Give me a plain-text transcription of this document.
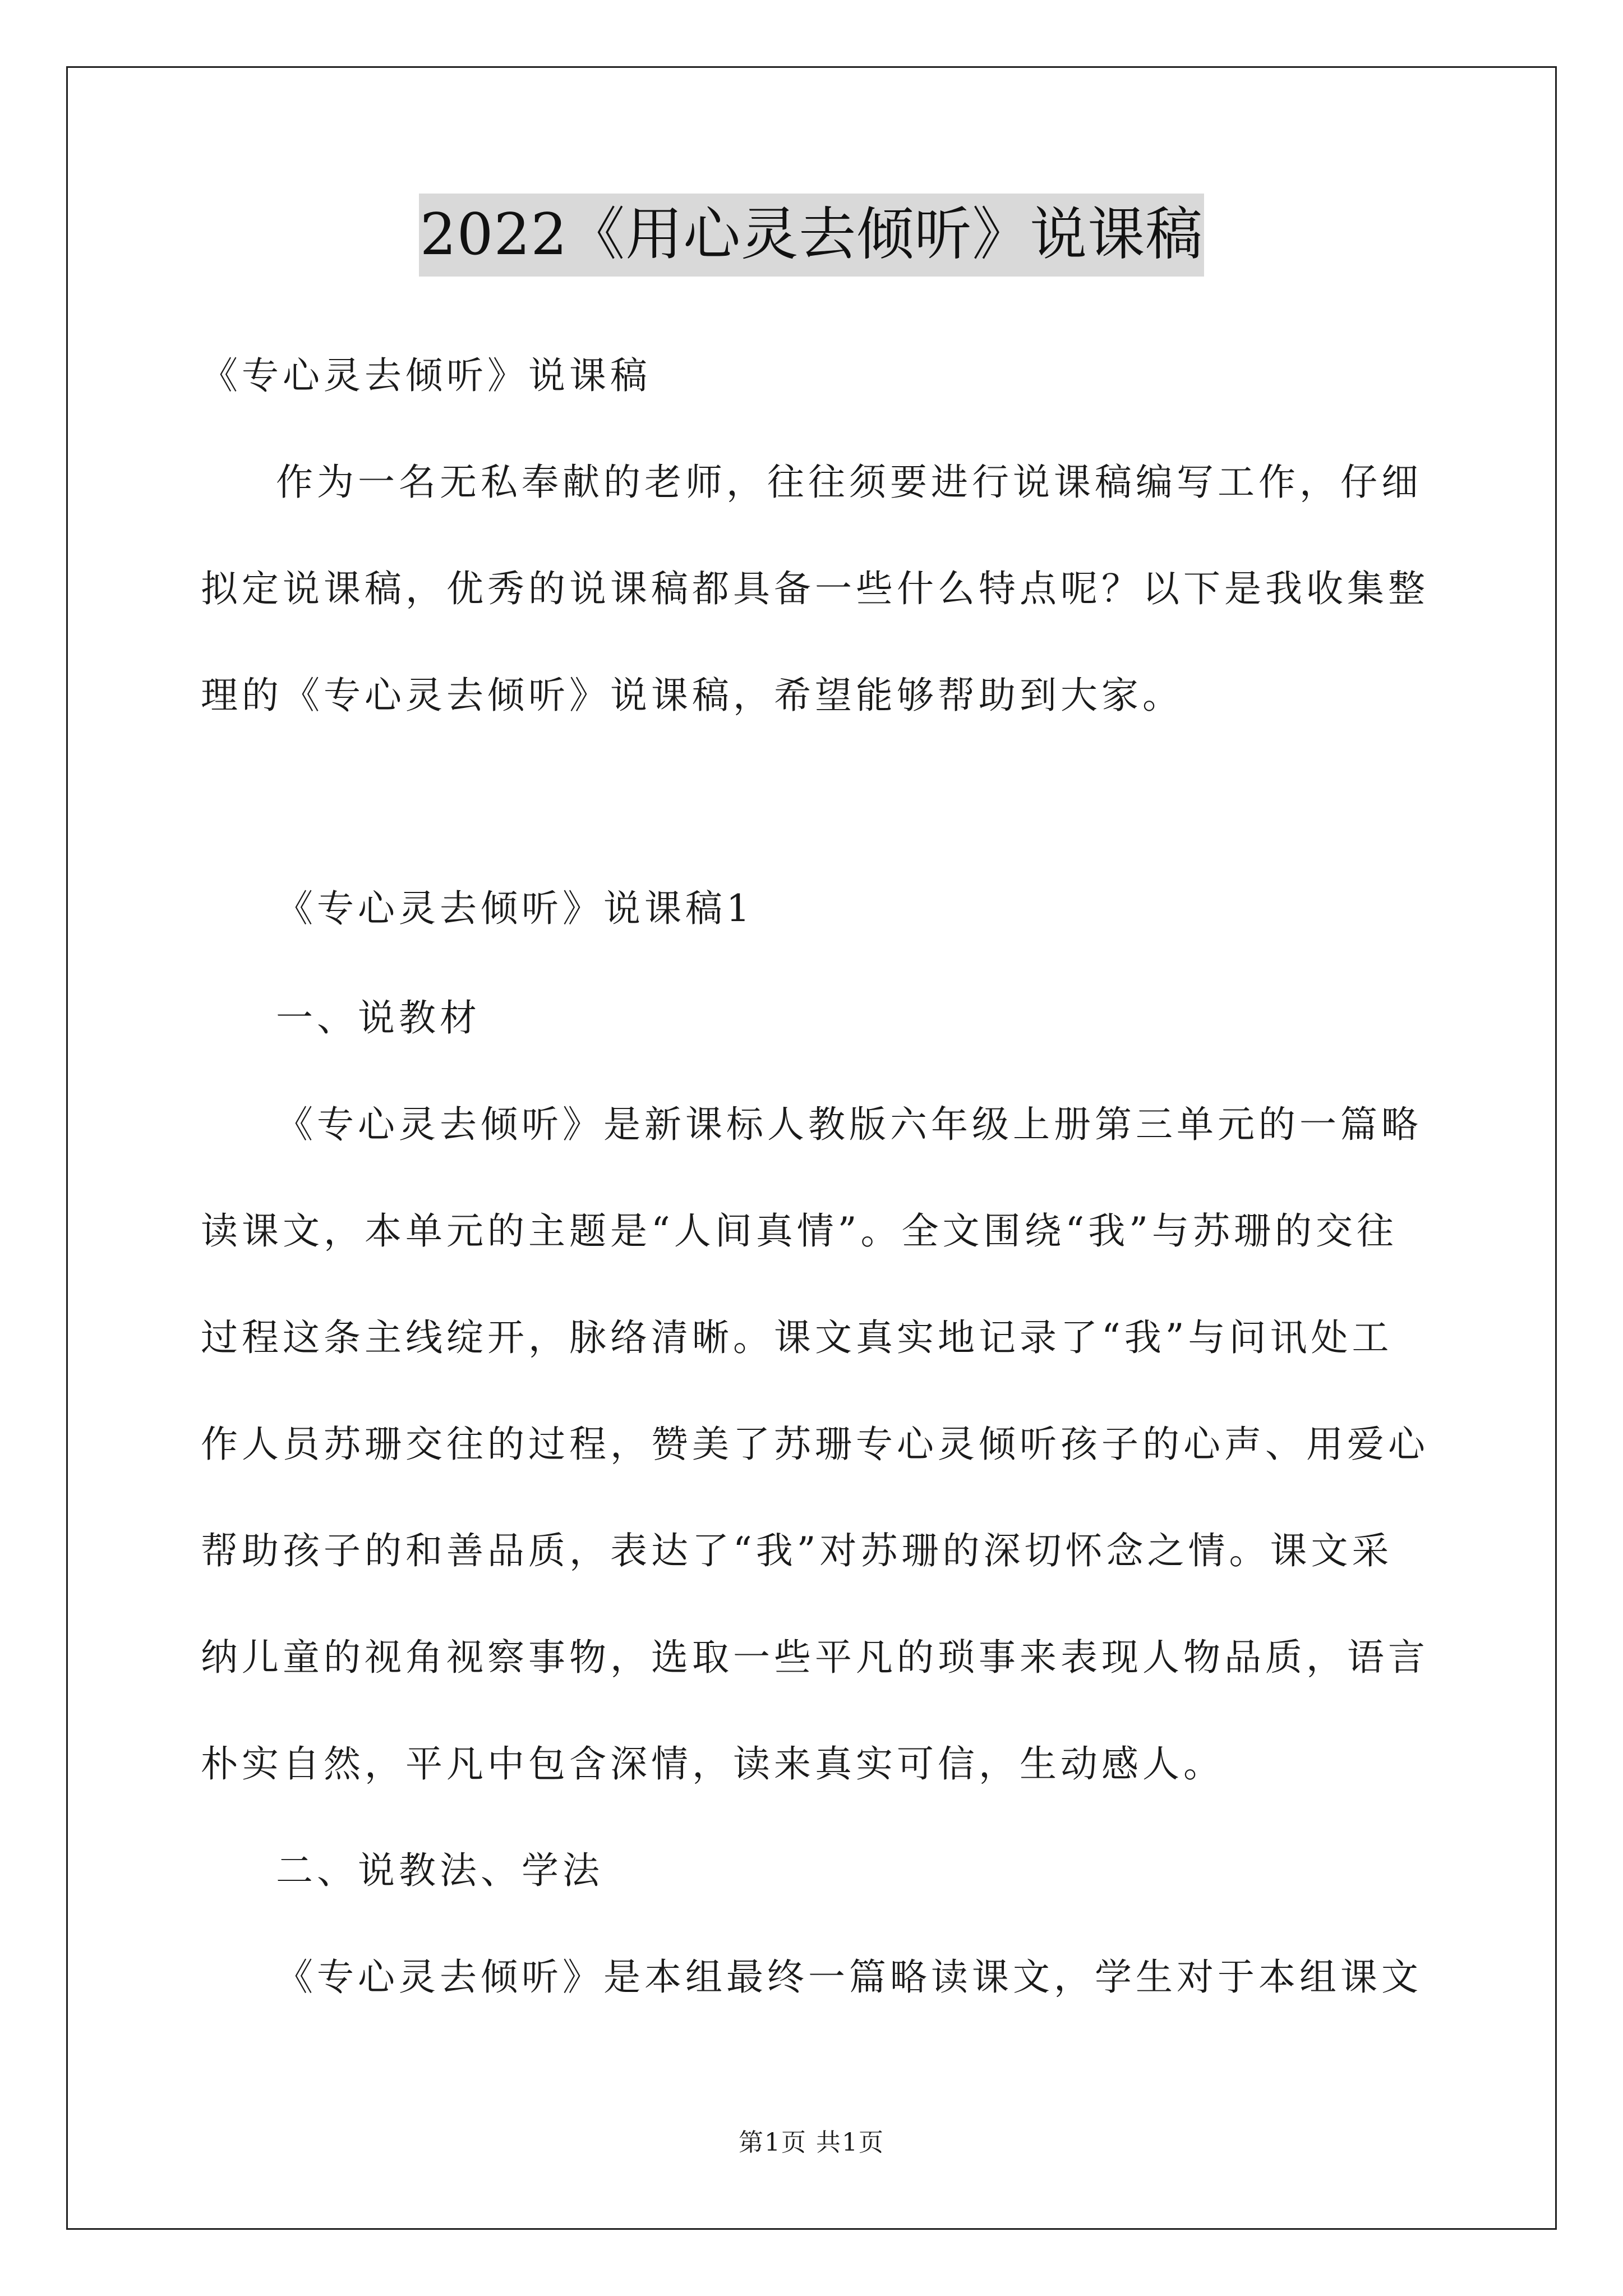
2022《用心灵去倾听》说课稿
《专心灵去倾听》说课稿
作为一名无私奉献的老师，往往须要进行说课稿编写工作，仔细
拟定说课稿，优秀的说课稿都具备一些什么特点呢？以下是我收集整
理的《专心灵去倾听》说课稿，希望能够帮助到大家。
《专心灵去倾听》说课稿1
一、说教材
《专心灵去倾听》是新课标人教版六年级上册第三单元的一篇略
读课文，本单元的主题是“人间真情”。全文围绕“我”与苏珊的交往
过程这条主线绽开，脉络清晰。课文真实地记录了“我”与问讯处工
作人员苏珊交往的过程，赞美了苏珊专心灵倾听孩子的心声、用爱心
帮助孩子的和善品质，表达了“我”对苏珊的深切怀念之情。课文采
纳儿童的视角视察事物，选取一些平凡的琐事来表现人物品质，语言
朴实自然，平凡中包含深情，读来真实可信，生动感人。
二、说教法、学法
《专心灵去倾听》是本组最终一篇略读课文，学生对于本组课文
第1页 共1页
